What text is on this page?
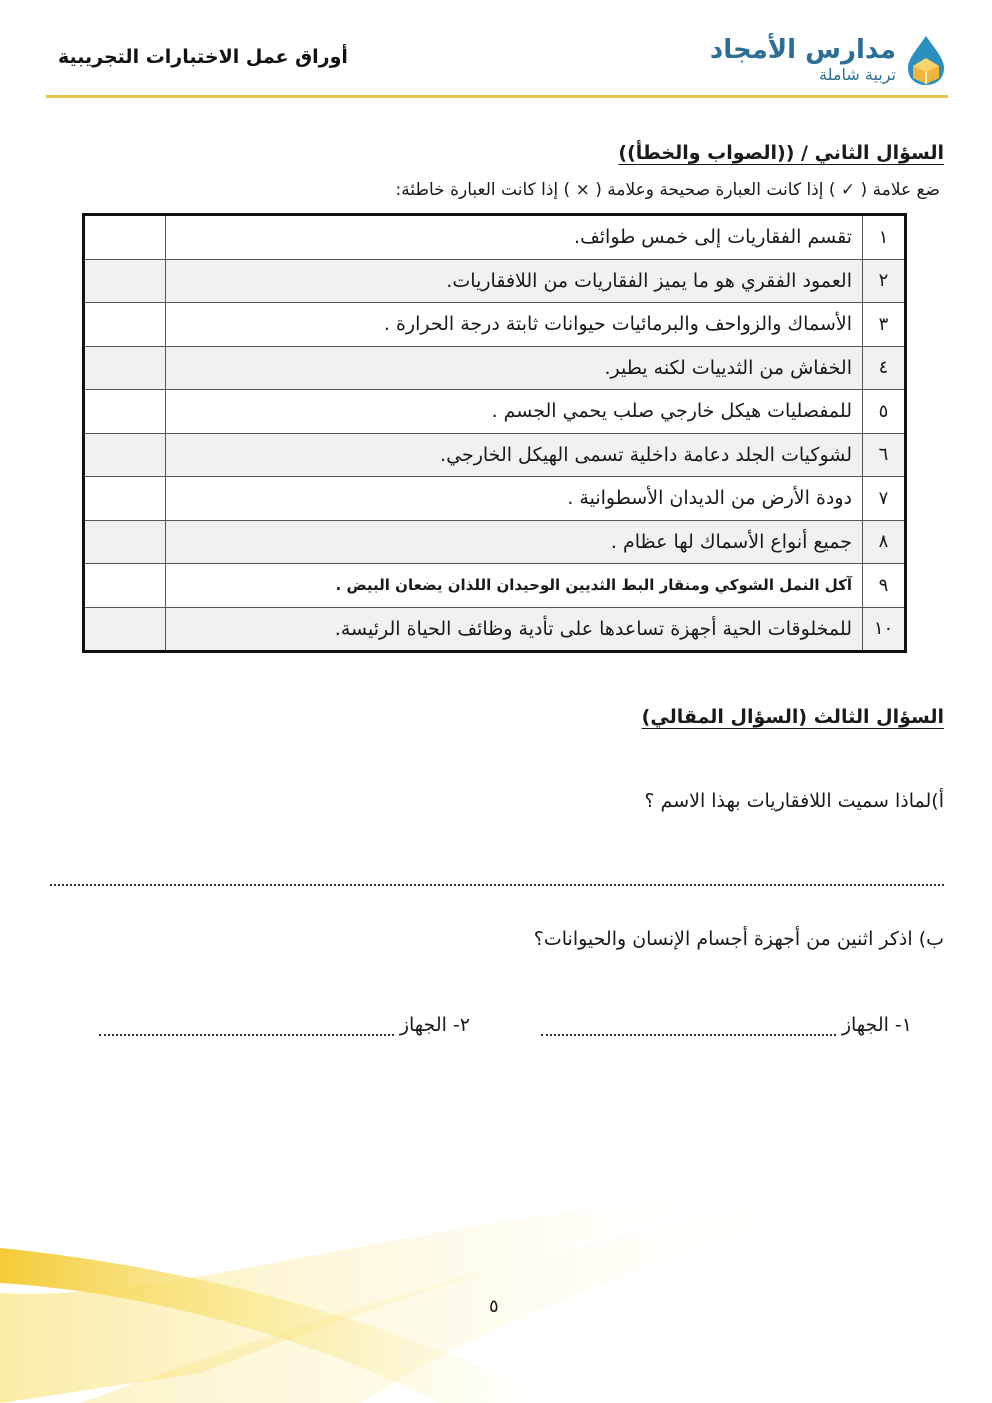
مدارس الأمجاد
تربية شاملة
أوراق عمل الاختبارات التجريبية
السؤال الثاني / ((الصواب والخطأ))
ضع علامة ( ✓ ) إذا كانت العبارة صحيحة وعلامة ( × ) إذا كانت العبارة خاطئة:
١	تقسم الفقاريات إلى خمس طوائف.	
٢	العمود الفقري هو ما يميز الفقاريات من اللافقاريات.	
٣	الأسماك والزواحف والبرمائيات حيوانات ثابتة درجة الحرارة .	
٤	الخفاش من الثدييات لكنه يطير.	
٥	للمفصليات هيكل خارجي صلب يحمي الجسم .	
٦	لشوكيات الجلد دعامة داخلية تسمى الهيكل الخارجي.	
٧	دودة الأرض من الديدان الأسطوانية .	
٨	جميع أنواع الأسماك لها عظام .	
٩	آكل النمل الشوكي ومنقار البط الثديين الوحيدان اللذان يضعان البيض .	
١٠	للمخلوقات الحية أجهزة تساعدها على تأدية وظائف الحياة الرئيسة.	
السؤال الثالث (السؤال المقالي)
أ)لماذا سميت اللافقاريات بهذا الاسم ؟
ب) اذكر اثنين من أجهزة أجسام الإنسان والحيوانات؟
١- الجهاز
٢- الجهاز
٥
